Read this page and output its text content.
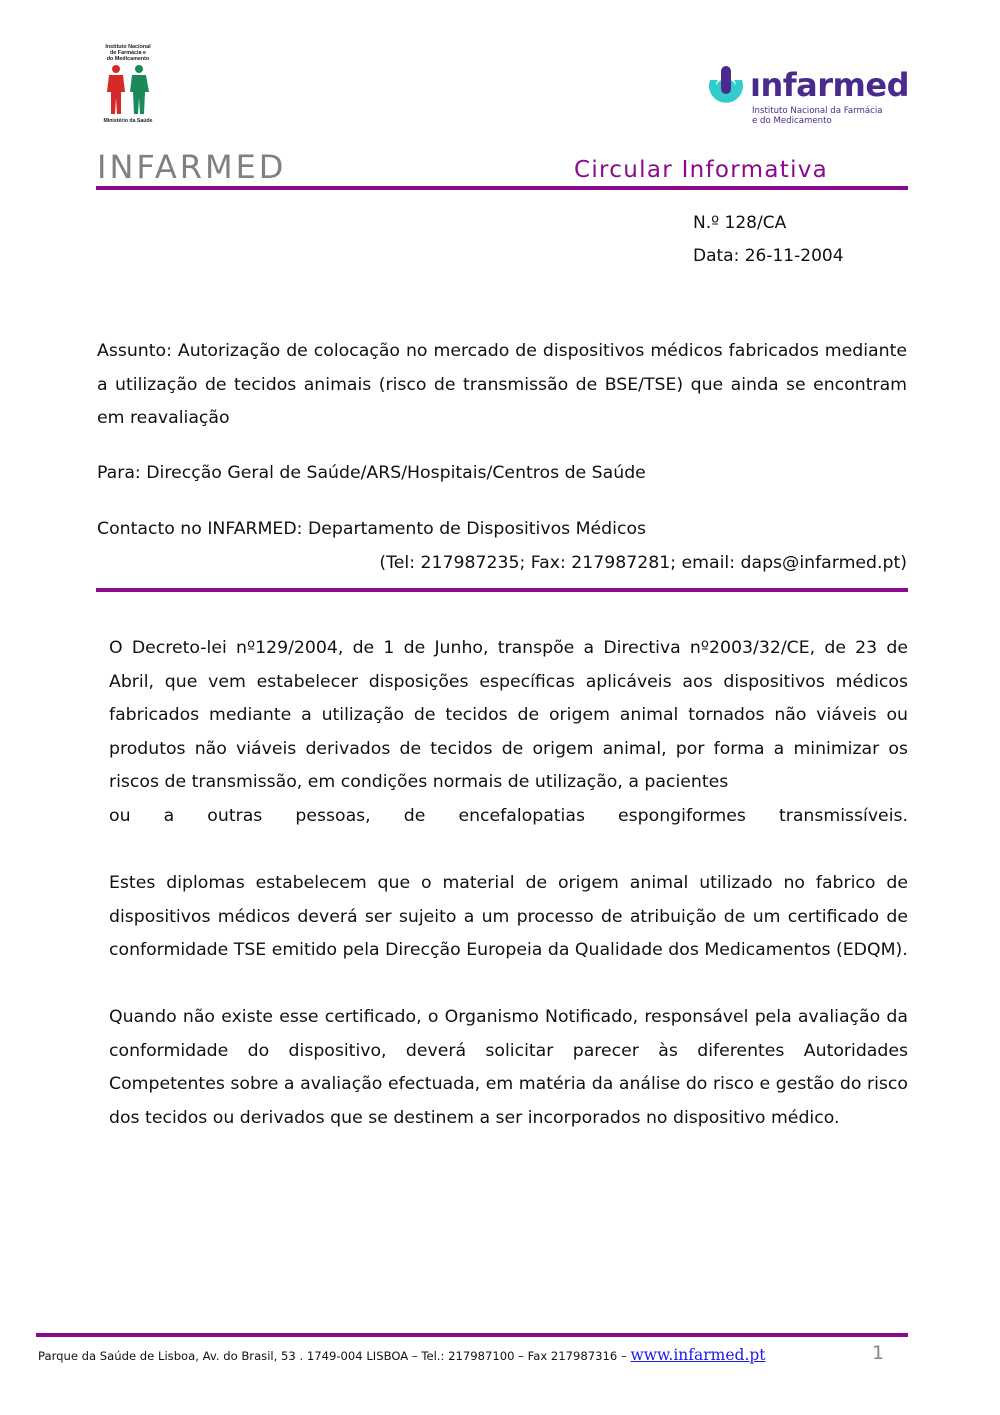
Instituto Nacional
de Farmácia e
do Medicamento
Ministério da Saúde
ınfarmed
Instituto Nacional da Farmácia
e do Medicamento
INFARMED	Circular Informativa
N.º 128/CA
Data: 26-11-2004
Assunto: Autorização de colocação no mercado de dispositivos médicos fabricados mediante a utilização de tecidos animais (risco de transmissão de BSE/TSE) que ainda se encontram em reavaliação
Para: Direcção Geral de Saúde/ARS/Hospitais/Centros de Saúde
Contacto no INFARMED: Departamento de Dispositivos Médicos
(Tel: 217987235; Fax: 217987281; email: daps@infarmed.pt)
O Decreto-lei nº129/2004, de 1 de Junho, transpõe a Directiva nº2003/32/CE, de 23 de Abril, que vem estabelecer disposições específicas aplicáveis aos dispositivos médicos fabricados mediante a utilização de tecidos de origem animal tornados não viáveis ou produtos não viáveis derivados de tecidos de origem animal, por forma a minimizar os riscos de transmissão, em condições normais de utilização, a pacientes
ou a outras pessoas, de encefalopatias espongiformes transmissíveis.
Estes diplomas estabelecem que o material de origem animal utilizado no fabrico de dispositivos médicos deverá ser sujeito a um processo de atribuição de um certificado de conformidade TSE emitido pela Direcção Europeia da Qualidade dos Medicamentos (EDQM).
Quando não existe esse certificado, o Organismo Notificado, responsável pela avaliação da conformidade do dispositivo, deverá solicitar parecer às diferentes Autoridades Competentes sobre a avaliação efectuada, em matéria da análise do risco e gestão do risco dos tecidos ou derivados que se destinem a ser incorporados no dispositivo médico.
Parque da Saúde de Lisboa, Av. do Brasil, 53 . 1749-004 LISBOA – Tel.: 217987100 – Fax 217987316 – www.infarmed.pt	1
